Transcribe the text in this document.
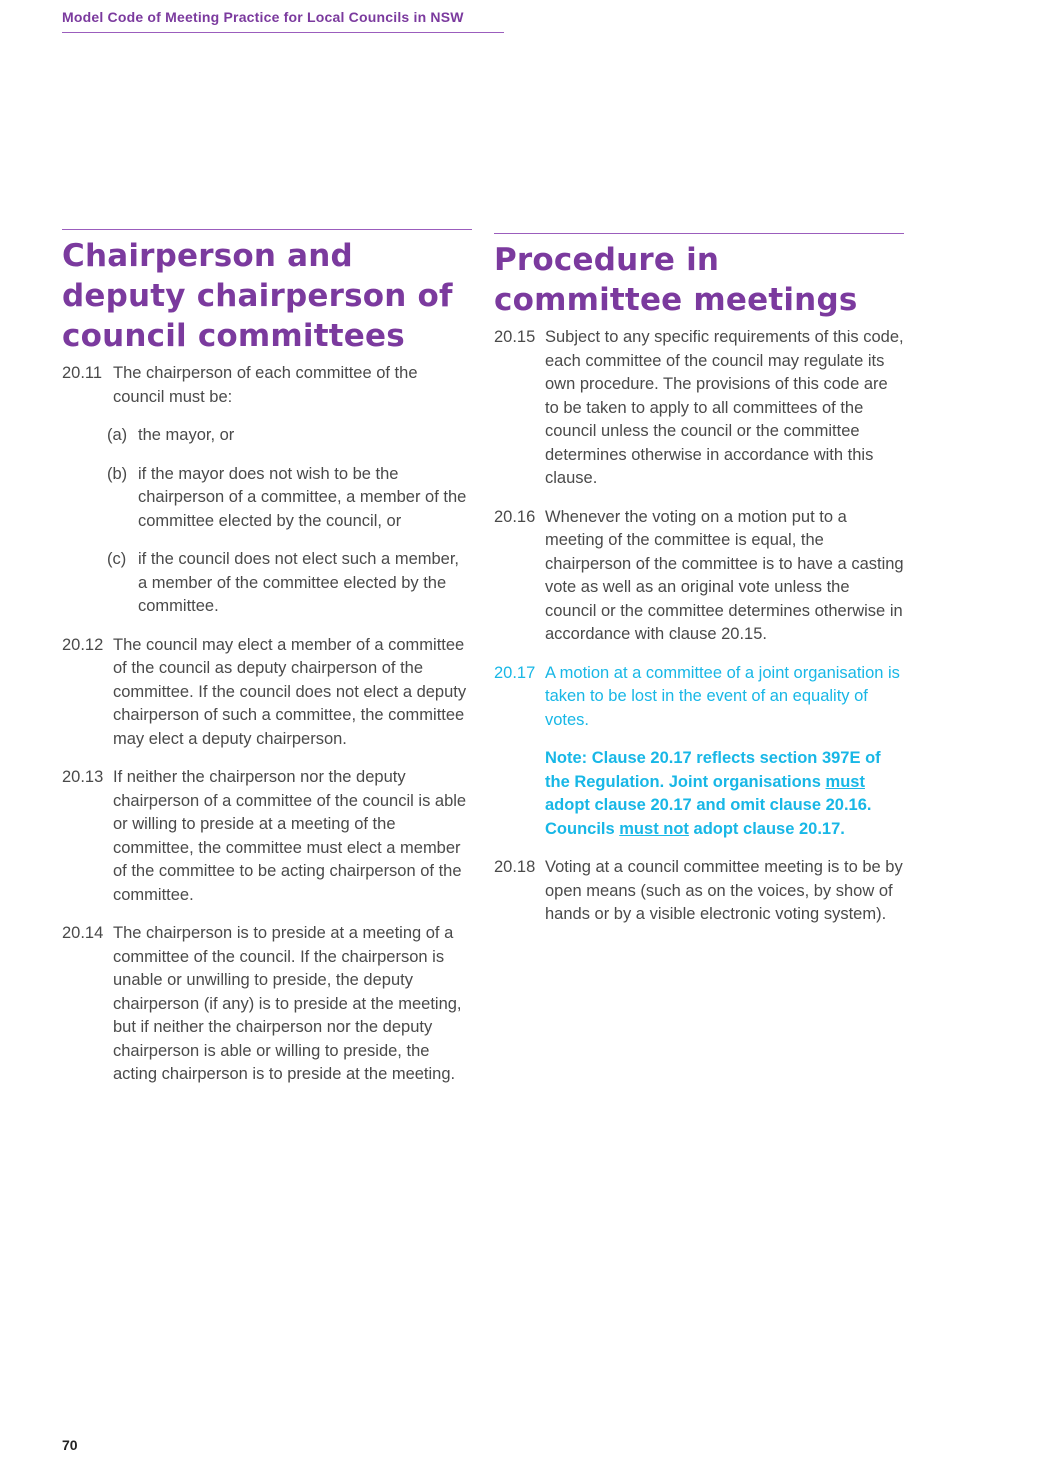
Model Code of Meeting Practice for Local Councils in NSW
Chairperson and deputy chairperson of council committees
20.11 The chairperson of each committee of the council must be:
(a) the mayor, or
(b) if the mayor does not wish to be the chairperson of a committee, a member of the committee elected by the council, or
(c) if the council does not elect such a member, a member of the committee elected by the committee.
20.12 The council may elect a member of a committee of the council as deputy chairperson of the committee. If the council does not elect a deputy chairperson of such a committee, the committee may elect a deputy chairperson.
20.13 If neither the chairperson nor the deputy chairperson of a committee of the council is able or willing to preside at a meeting of the committee, the committee must elect a member of the committee to be acting chairperson of the committee.
20.14 The chairperson is to preside at a meeting of a committee of the council. If the chairperson is unable or unwilling to preside, the deputy chairperson (if any) is to preside at the meeting, but if neither the chairperson nor the deputy chairperson is able or willing to preside, the acting chairperson is to preside at the meeting.
Procedure in committee meetings
20.15 Subject to any specific requirements of this code, each committee of the council may regulate its own procedure. The provisions of this code are to be taken to apply to all committees of the council unless the council or the committee determines otherwise in accordance with this clause.
20.16 Whenever the voting on a motion put to a meeting of the committee is equal, the chairperson of the committee is to have a casting vote as well as an original vote unless the council or the committee determines otherwise in accordance with clause 20.15.
20.17 A motion at a committee of a joint organisation is taken to be lost in the event of an equality of votes.
Note: Clause 20.17 reflects section 397E of the Regulation. Joint organisations must adopt clause 20.17 and omit clause 20.16. Councils must not adopt clause 20.17.
20.18 Voting at a council committee meeting is to be by open means (such as on the voices, by show of hands or by a visible electronic voting system).
70
